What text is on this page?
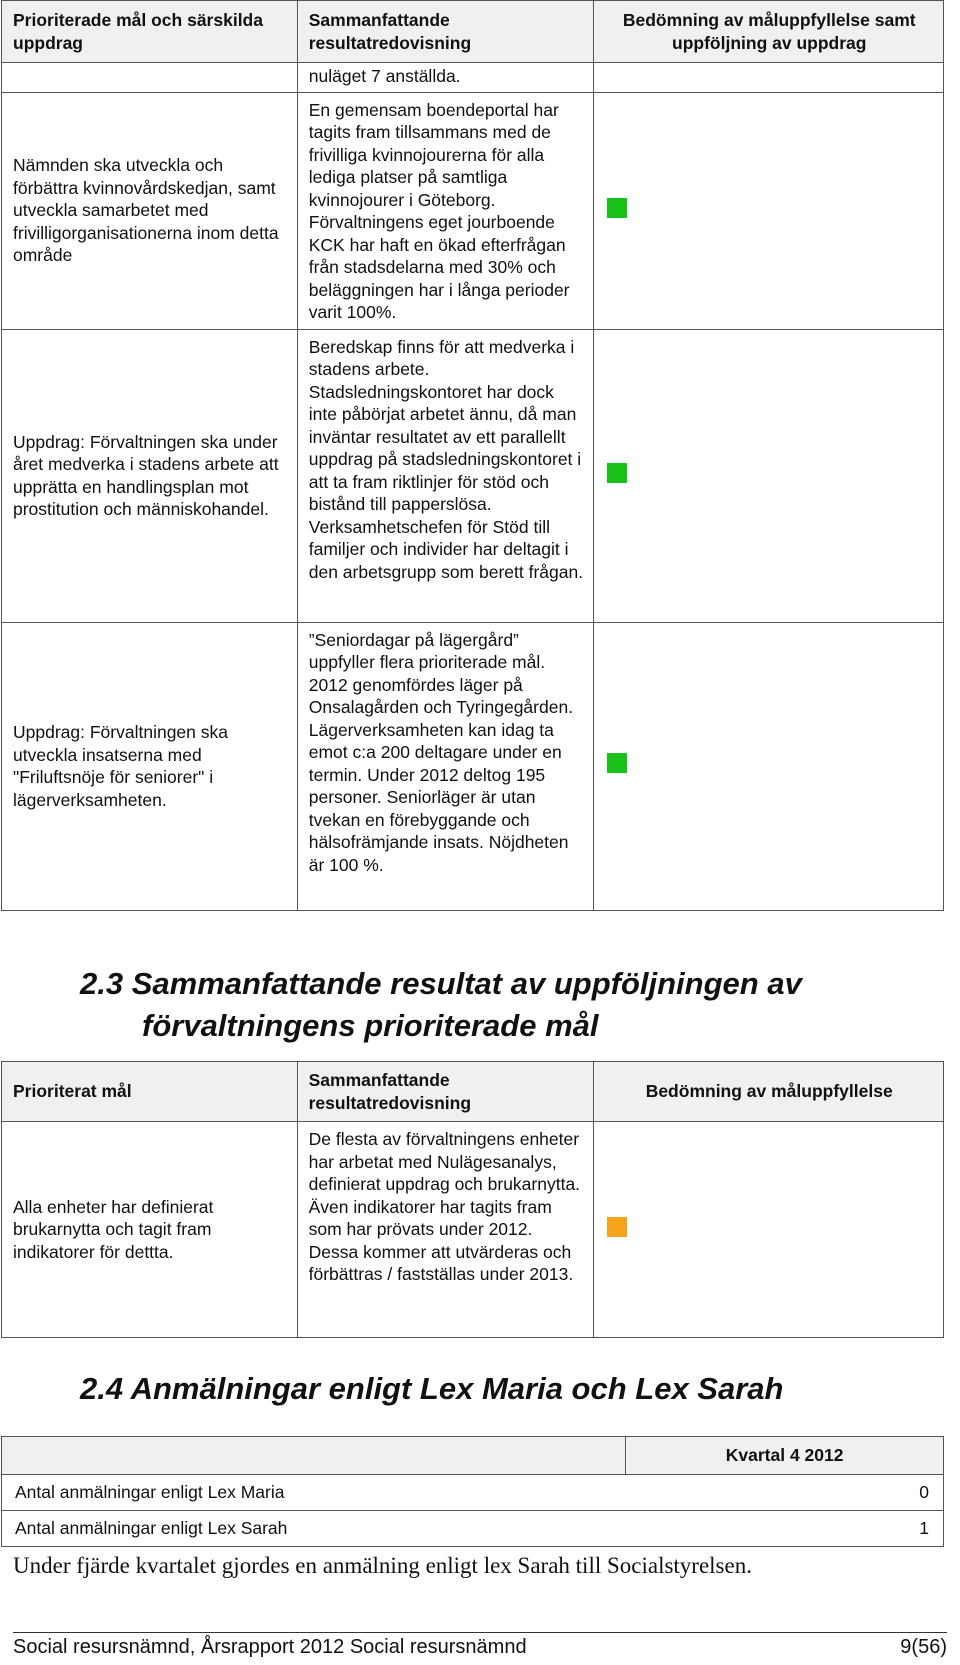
Prioriterade mål och särskilda uppdrag	Sammanfattande resultatredovisning	Bedömning av måluppfyllelse samt uppföljning av uppdrag
	nuläget 7 anställda.	
Nämnden ska utveckla och förbättra kvinnovårdskedjan, samt utveckla samarbetet med frivilligorganisationerna inom detta område	En gemensam boendeportal har tagits fram tillsammans med de frivilliga kvinnojourerna för alla lediga platser på samtliga kvinnojourer i Göteborg. Förvaltningens eget jourboende KCK har haft en ökad efterfrågan från stadsdelarna med 30% och beläggningen har i långa perioder varit 100%.	
Uppdrag: Förvaltningen ska under året medverka i stadens arbete att upprätta en handlingsplan mot prostitution och människohandel.	Beredskap finns för att medverka i stadens arbete. Stadsledningskontoret har dock inte påbörjat arbetet ännu, då man inväntar resultatet av ett parallellt uppdrag på stadsledningskontoret i att ta fram riktlinjer för stöd och bistånd till papperslösa. Verksamhetschefen för Stöd till familjer och individer har deltagit i den arbetsgrupp som berett frågan.	
Uppdrag: Förvaltningen ska utveckla insatserna med "Friluftsnöje för seniorer" i lägerverksamheten.	”Seniordagar på lägergård” uppfyller flera prioriterade mål. 2012 genomfördes läger på Onsalagården och Tyringegården. Lägerverksamheten kan idag ta emot c:a 200 deltagare under en termin. Under 2012 deltog 195 personer. Seniorläger är utan tvekan en förebyggande och hälsofrämjande insats. Nöjdheten är 100 %.	
2.3 Sammanfattande resultat av uppföljningen av
förvaltningens prioriterade mål
Prioriterat mål	Sammanfattande resultatredovisning	Bedömning av måluppfyllelse
Alla enheter har definierat brukarnytta och tagit fram indikatorer för dettta.	De flesta av förvaltningens enheter har arbetat med Nulägesanalys, definierat uppdrag och brukarnytta. Även indikatorer har tagits fram som har prövats under 2012. Dessa kommer att utvärderas och förbättras / fastställas under 2013.	
2.4 Anmälningar enligt Lex Maria och Lex Sarah
	Kvartal 4 2012

Antal anmälningar enligt Lex Maria	0

Antal anmälningar enligt Lex Sarah	1

Under fjärde kvartalet gjordes en anmälning enligt lex Sarah till Socialstyrelsen.

Social resursnämnd, Årsrapport 2012 Social resursnämnd	9(56)
